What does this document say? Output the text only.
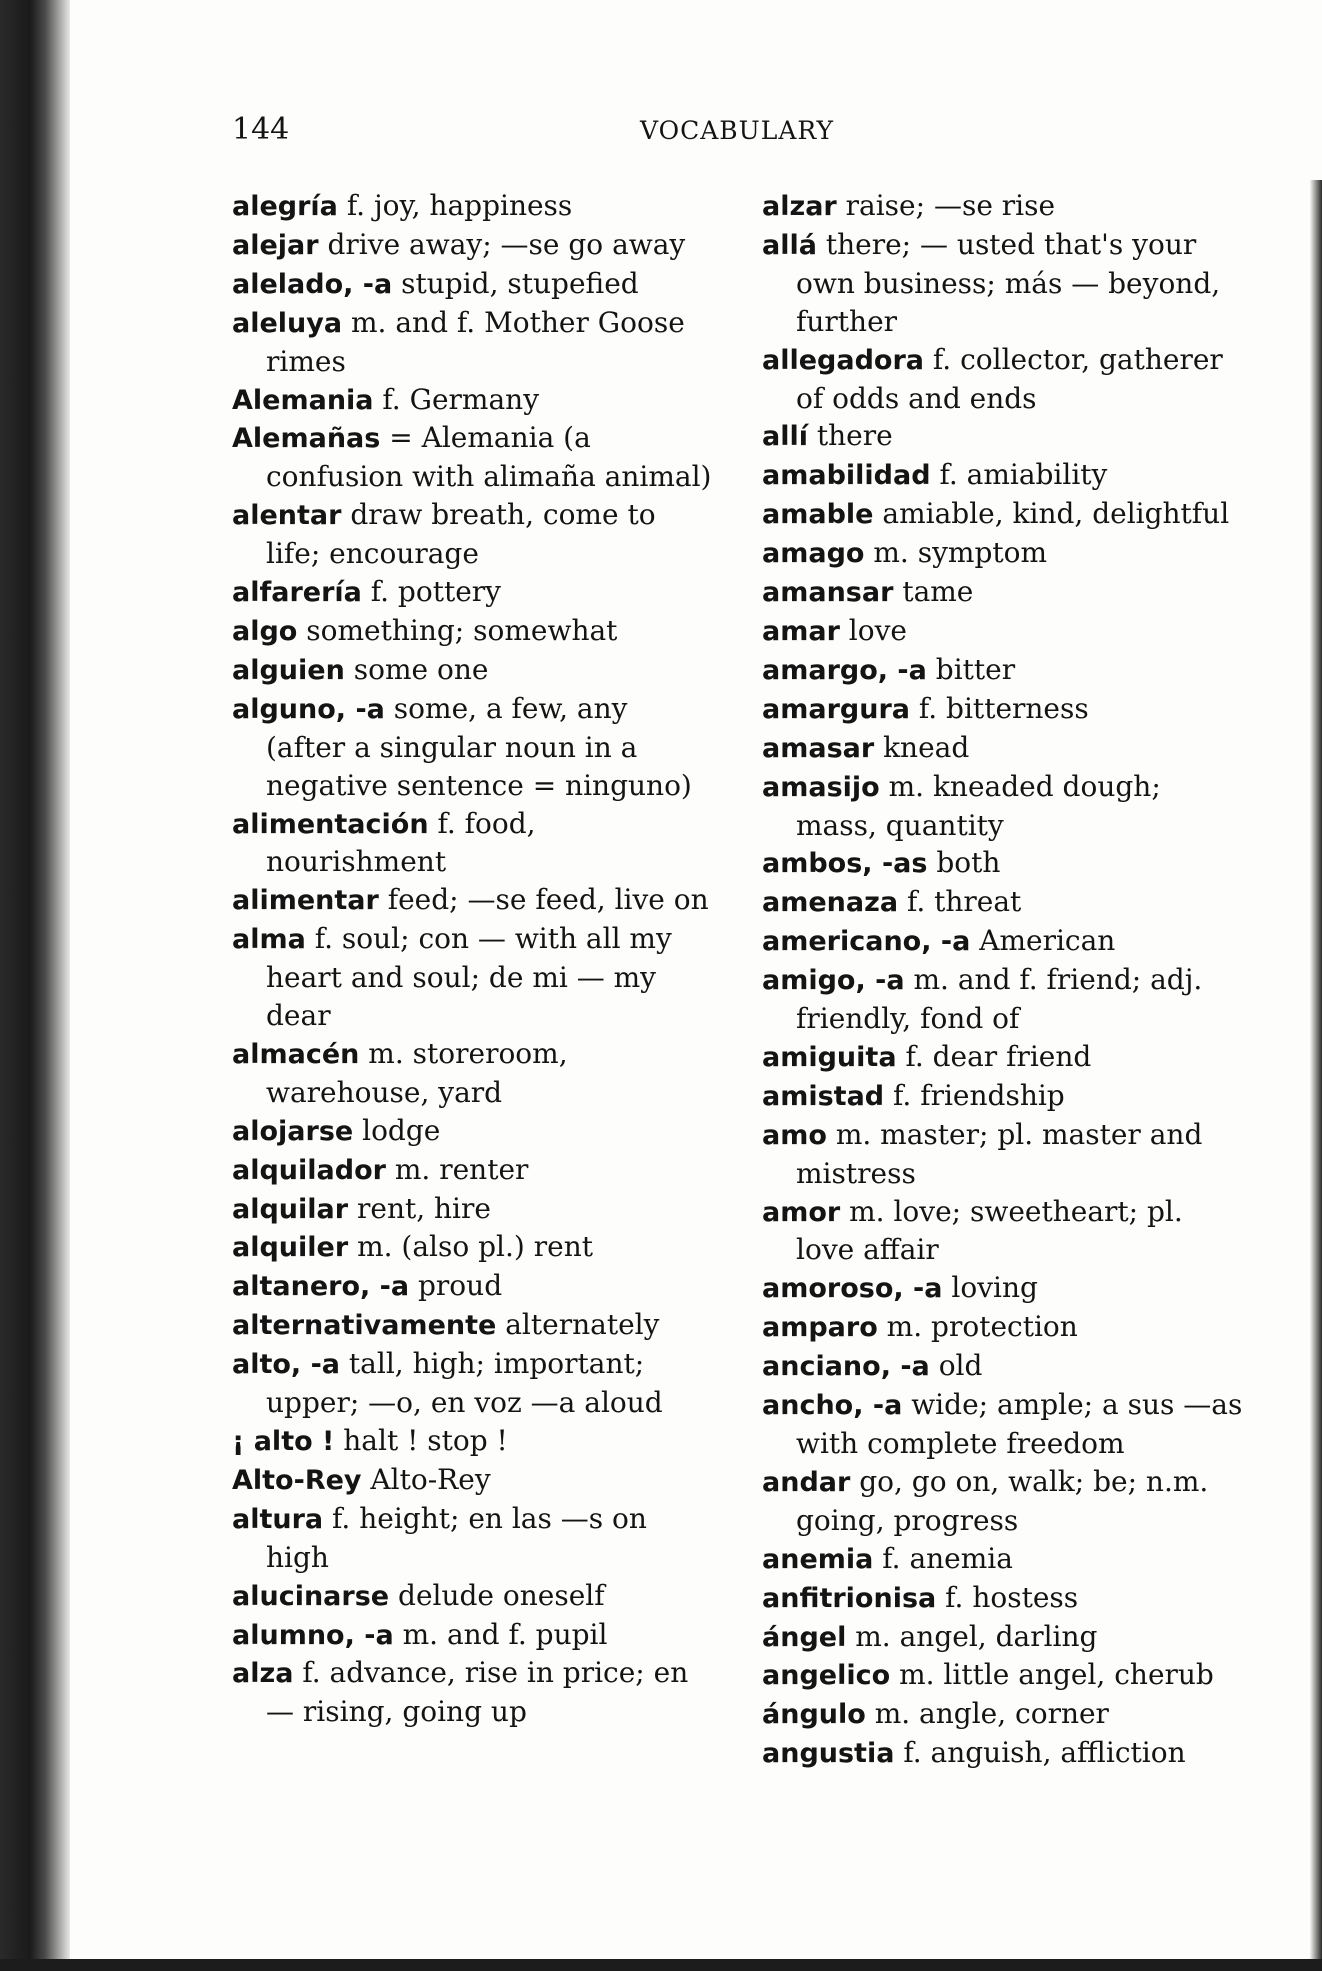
144	VOCABULARY

alegría f. joy, happiness

alejar drive away; —se go away

alelado, -a stupid, stupefied

aleluya m. and f. Mother Goose rimes

Alemania f. Germany

Alemañas = Alemania (a confusion with alimaña animal)

alentar draw breath, come to life; encourage

alfarería f. pottery

algo something; somewhat

alguien some one

alguno, -a some, a few, any (after a singular noun in a negative sentence = ninguno)

alimentación f. food, nourishment

alimentar feed; —se feed, live on

alma f. soul; con — with all my heart and soul; de mi — my dear

almacén m. storeroom, warehouse, yard

alojarse lodge

alquilador m. renter

alquilar rent, hire

alquiler m. (also pl.) rent

altanero, -a proud

alternativamente alternately

alto, -a tall, high; important; upper; —o, en voz —a aloud

¡ alto ! halt ! stop !

Alto-Rey Alto-Rey

altura f. height; en las —s on high

alucinarse delude oneself

alumno, -a m. and f. pupil

alza f. advance, rise in price; en — rising, going up

alzar raise; —se rise

allá there; — usted that's your own business; más — beyond, further

allegadora f. collector, gatherer of odds and ends

allí there

amabilidad f. amiability

amable amiable, kind, delightful

amago m. symptom

amansar tame

amar love

amargo, -a bitter

amargura f. bitterness

amasar knead

amasijo m. kneaded dough; mass, quantity

ambos, -as both

amenaza f. threat

americano, -a American

amigo, -a m. and f. friend; adj. friendly, fond of

amiguita f. dear friend

amistad f. friendship

amo m. master; pl. master and mistress

amor m. love; sweetheart; pl. love affair

amoroso, -a loving

amparo m. protection

anciano, -a old

ancho, -a wide; ample; a sus —as with complete freedom

andar go, go on, walk; be; n.m. going, progress

anemia f. anemia

anfitrionisa f. hostess

ángel m. angel, darling

angelico m. little angel, cherub

ángulo m. angle, corner

angustia f. anguish, affliction
